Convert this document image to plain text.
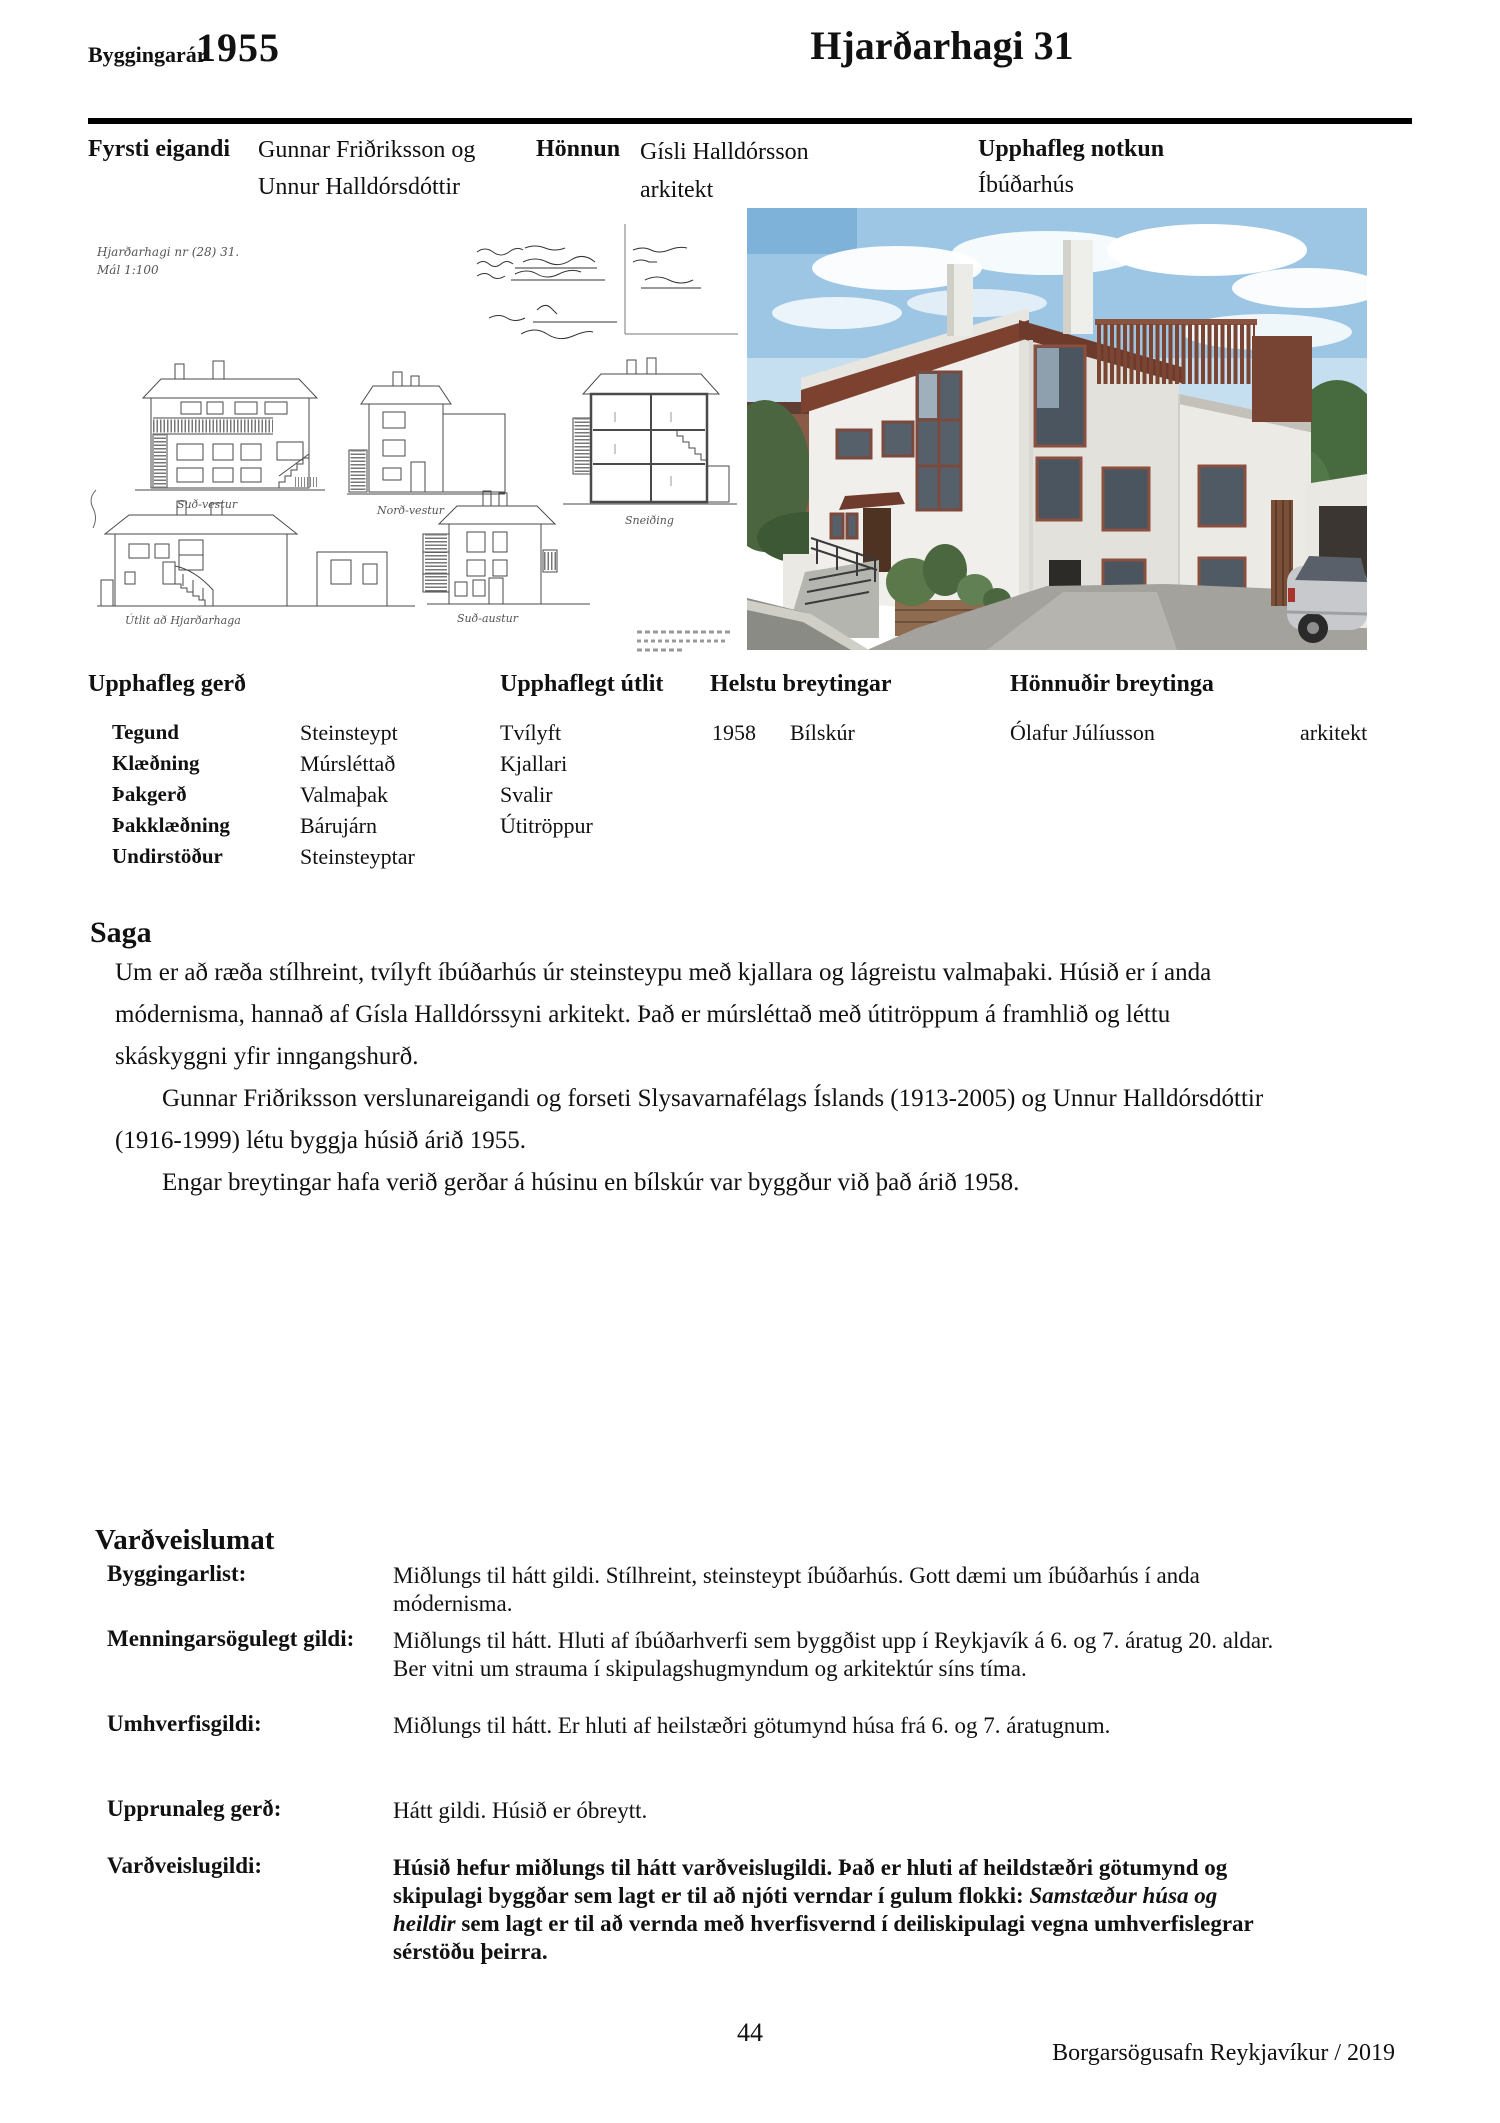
Byggingarár
1955	Hjarðarhagi 31
Fyrsti eigandi Gunnar Friðriksson og
Unnur Halldórsdóttir
Hönnun Gísli Halldórsson
arkitekt
Upphafleg notkun
Íbúðarhús
Hjarðarhagi nr (28) 31.
Mál 1:100
Suð-vestur	Norð-vestur
Sneiðing
Útlit að Hjarðarhaga	Suð-austur
Upphafleg gerð
Tegund	Steinsteypt
Klæðning	Múrsléttað
Þakgerð	Valmaþak
Þakklæðning	Bárujárn
Undirstöður	Steinsteyptar
Upphaflegt útlit
Tvílyft
Kjallari
Svalir
Útitröppur
Helstu breytingar
1958 Bílskúr
Hönnuðir breytinga
Ólafur Júlíusson	arkitekt
Saga
Um er að ræða stílhreint, tvílyft íbúðarhús úr steinsteypu með kjallara og lágreistu valmaþaki. Húsið er í anda
módernisma, hannað af Gísla Halldórssyni arkitekt. Það er múrsléttað með útitröppum á framhlið og léttu
skáskyggni yfir inngangshurð.
Gunnar Friðriksson verslunareigandi og forseti Slysavarnafélags Íslands (1913-2005) og Unnur Halldórsdóttir
(1916-1999) létu byggja húsið árið 1955.
Engar breytingar hafa verið gerðar á húsinu en bílskúr var byggður við það árið 1958.
Varðveislumat
Byggingarlist:	Miðlungs til hátt gildi. Stílhreint, steinsteypt íbúðarhús. Gott dæmi um íbúðarhús í anda
módernisma.
Menningarsögulegt gildi: Miðlungs til hátt. Hluti af íbúðarhverfi sem byggðist upp í Reykjavík á 6. og 7. áratug 20. aldar.
Ber vitni um strauma í skipulagshugmyndum og arkitektúr síns tíma.
Umhverfisgildi:	Miðlungs til hátt. Er hluti af heilstæðri götumynd húsa frá 6. og 7. áratugnum.
Upprunaleg gerð:	Hátt gildi. Húsið er óbreytt.
Varðveislugildi:	Húsið hefur miðlungs til hátt varðveislugildi. Það er hluti af heildstæðri götumynd og
skipulagi byggðar sem lagt er til að njóti verndar í gulum flokki: Samstæður húsa og
heildir sem lagt er til að vernda með hverfisvernd í deiliskipulagi vegna umhverfislegrar
sérstöðu þeirra.
44
Borgarsögusafn Reykjavíkur / 2019
